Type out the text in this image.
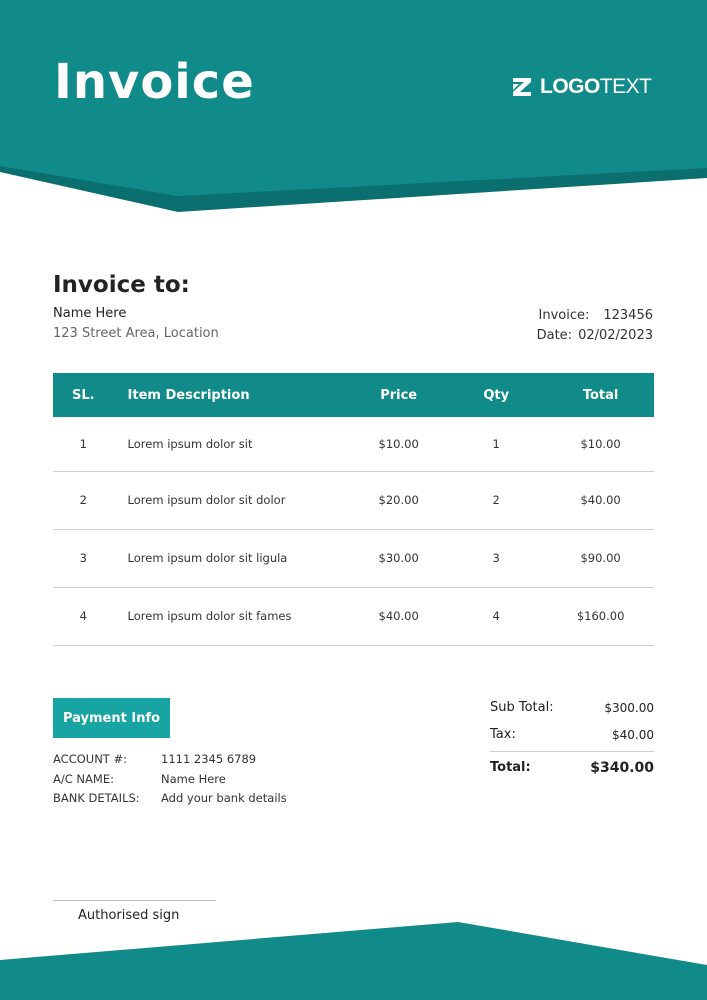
Invoice	LOGOTEXT
Invoice to:
Name Here
123 Street Area, Location
Invoice: 123456
Date: 02/02/2023
SL.	Item Description	Price	Qty	Total
1	Lorem ipsum dolor sit	$10.00	1	$10.00
2	Lorem ipsum dolor sit dolor	$20.00	2	$40.00
3	Lorem ipsum dolor sit ligula	$30.00	3	$90.00
4	Lorem ipsum dolor sit fames	$40.00	4	$160.00
Payment Info
ACCOUNT #:	1111 2345 6789
A/C NAME:	Name Here
BANK DETAILS: Add your bank details
Sub Total:	$300.00
Tax:	$40.00
Total:	$340.00
Authorised sign
